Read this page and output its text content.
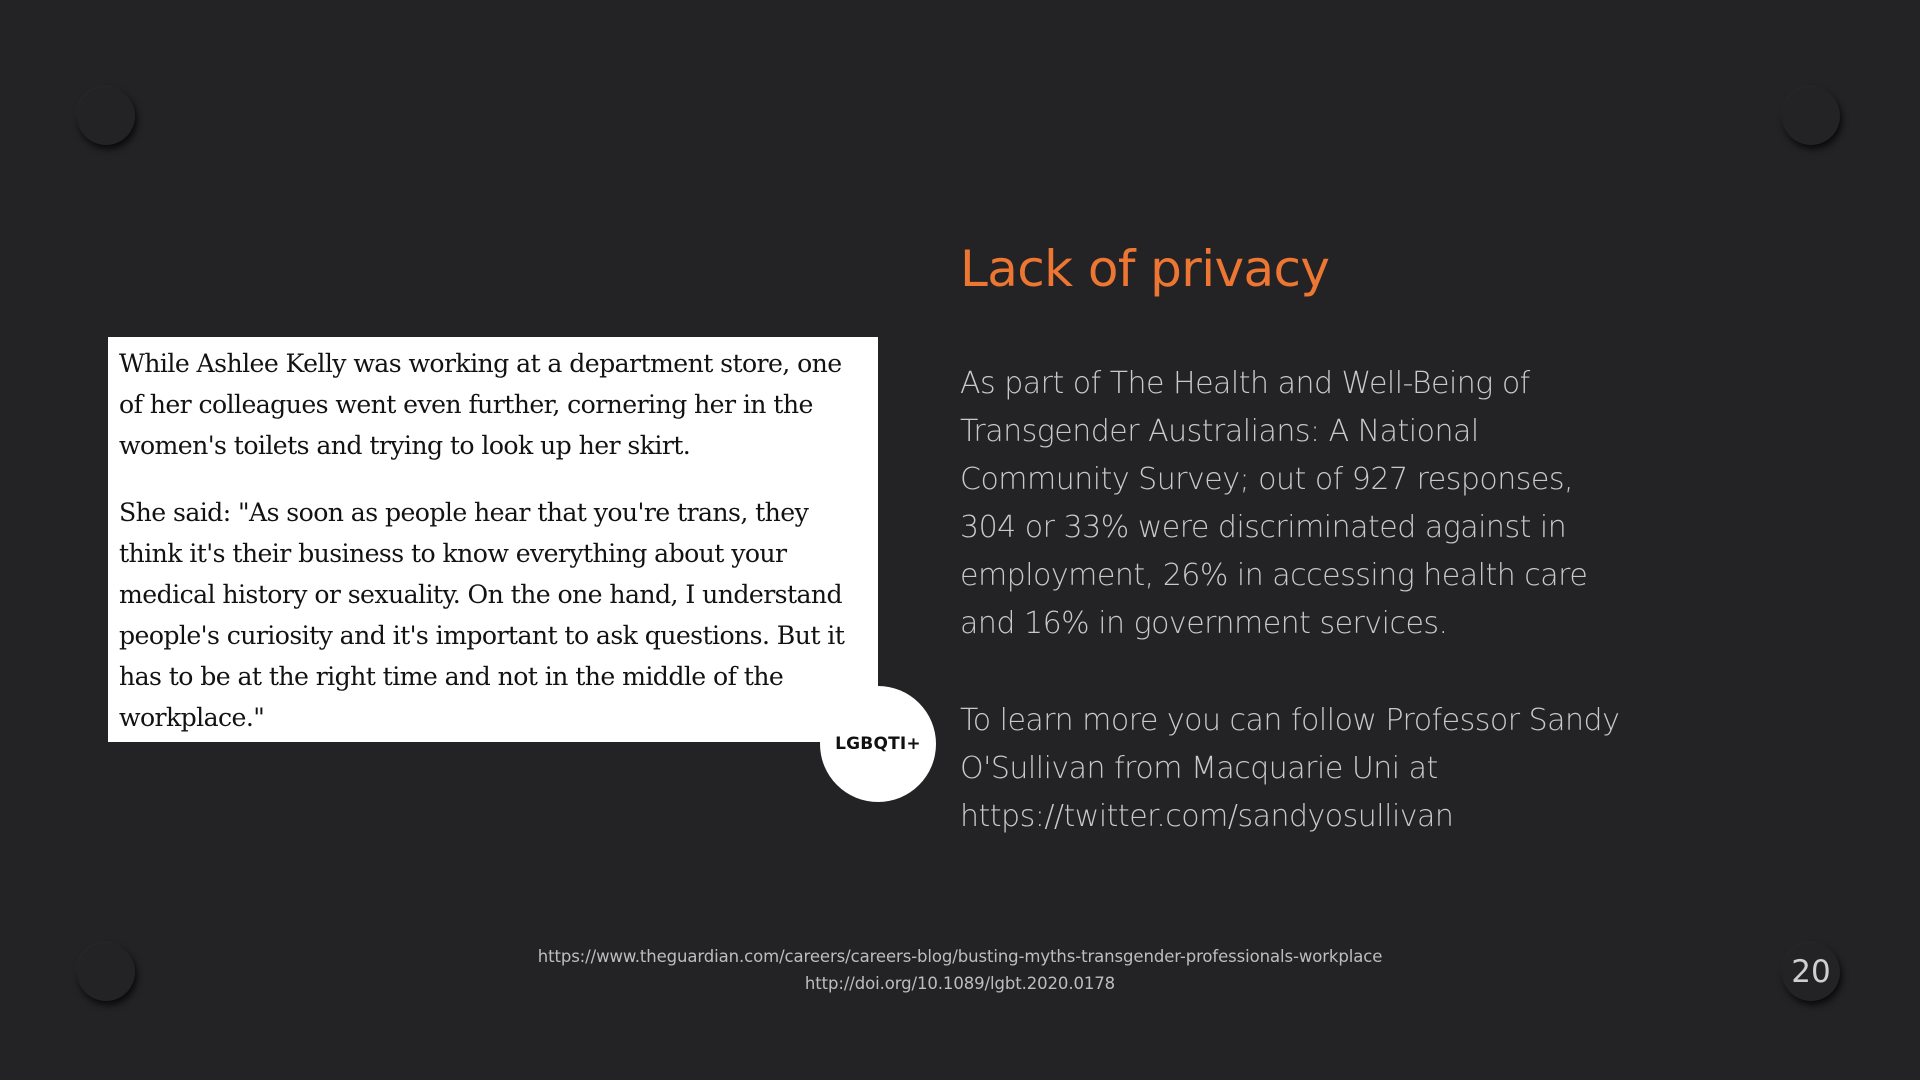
20

While Ashlee Kelly was working at a department store, one of her colleagues went even further, cornering her in the women's toilets and trying to look up her skirt.

She said: "As soon as people hear that you're trans, they think it's their business to know everything about your medical history or sexuality. On the one hand, I understand people's curiosity and it's important to ask questions. But it has to be at the right time and not in the middle of the workplace."

LGBQTI+
Lack of privacy

As part of The Health and Well-Being of Transgender Australians: A National Community Survey; out of 927 responses, 304 or 33% were discriminated against in employment, 26% in accessing health care and 16% in government services.

To learn more you can follow Professor Sandy O'Sullivan from Macquarie Uni at https://twitter.com/sandyosullivan

https://www.theguardian.com/careers/careers-blog/busting-myths-transgender-professionals-workplace
http://doi.org/10.1089/lgbt.2020.0178
